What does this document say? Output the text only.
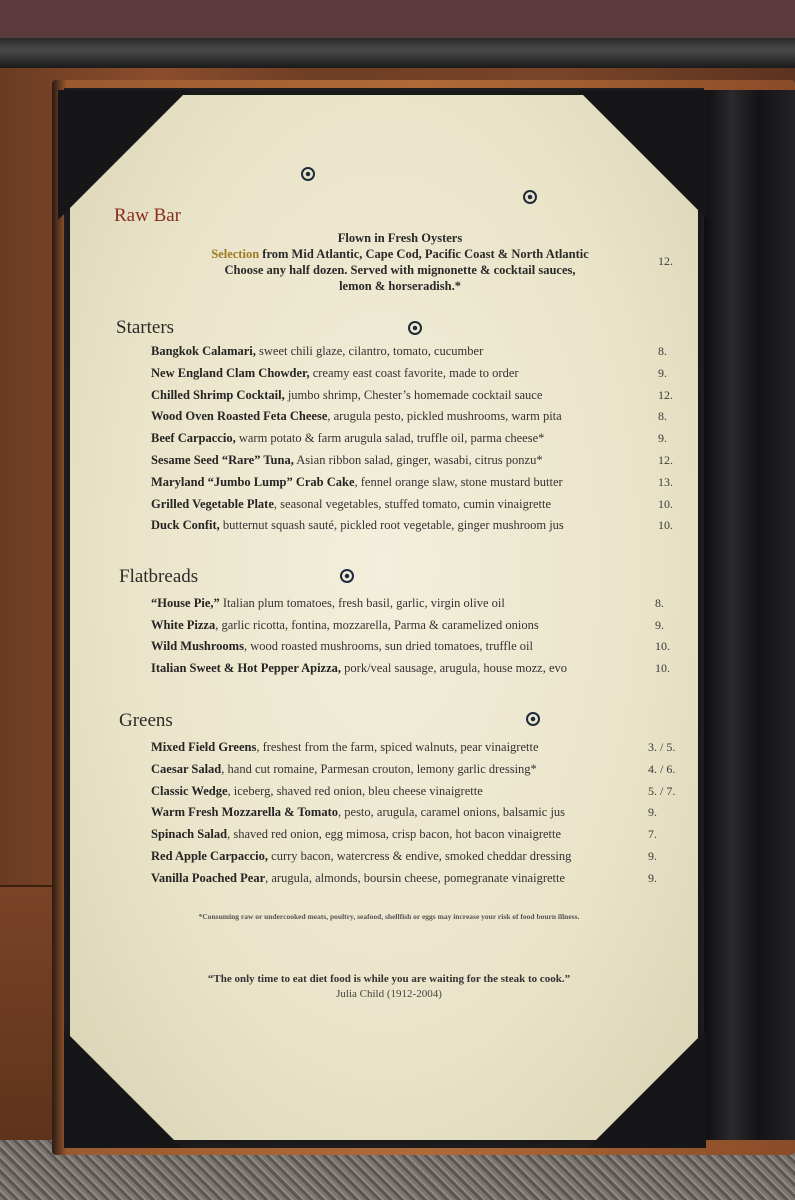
Raw Bar
Flown in Fresh Oysters
Selection from Mid Atlantic, Cape Cod, Pacific Coast & North Atlantic
Choose any half dozen. Served with mignonette & cocktail sauces,
lemon & horseradish.*
12.
Starters
Bangkok Calamari, sweet chili glaze, cilantro, tomato, cucumber	8.
New England Clam Chowder, creamy east coast favorite, made to order	9.
Chilled Shrimp Cocktail, jumbo shrimp, Chester’s homemade cocktail sauce	12.
Wood Oven Roasted Feta Cheese, arugula pesto, pickled mushrooms, warm pita	8.
Beef Carpaccio, warm potato & farm arugula salad, truffle oil, parma cheese*	9.
Sesame Seed “Rare” Tuna, Asian ribbon salad, ginger, wasabi, citrus ponzu*	12.
Maryland “Jumbo Lump” Crab Cake, fennel orange slaw, stone mustard butter	13.
Grilled Vegetable Plate, seasonal vegetables, stuffed tomato, cumin vinaigrette	10.
Duck Confit, butternut squash sauté, pickled root vegetable, ginger mushroom jus	10.
Flatbreads
“House Pie,” Italian plum tomatoes, fresh basil, garlic, virgin olive oil	8.
White Pizza, garlic ricotta, fontina, mozzarella, Parma & caramelized onions	9.
Wild Mushrooms, wood roasted mushrooms, sun dried tomatoes, truffle oil	10.
Italian Sweet & Hot Pepper Apizza, pork/veal sausage, arugula, house mozz, evo	10.
Greens
Mixed Field Greens, freshest from the farm, spiced walnuts, pear vinaigrette	3. / 5.
Caesar Salad, hand cut romaine, Parmesan crouton, lemony garlic dressing*	4. / 6.
Classic Wedge, iceberg, shaved red onion, bleu cheese vinaigrette	5. / 7.
Warm Fresh Mozzarella & Tomato, pesto, arugula, caramel onions, balsamic jus	9.
Spinach Salad, shaved red onion, egg mimosa, crisp bacon, hot bacon vinaigrette	7.
Red Apple Carpaccio, curry bacon, watercress & endive, smoked cheddar dressing	9.
Vanilla Poached Pear, arugula, almonds, boursin cheese, pomegranate vinaigrette	9.
*Consuming raw or undercooked meats, poultry, seafood, shellfish or eggs may increase your risk of food bourn illness.
“The only time to eat diet food is while you are waiting for the steak to cook.”
Julia Child (1912-2004)
